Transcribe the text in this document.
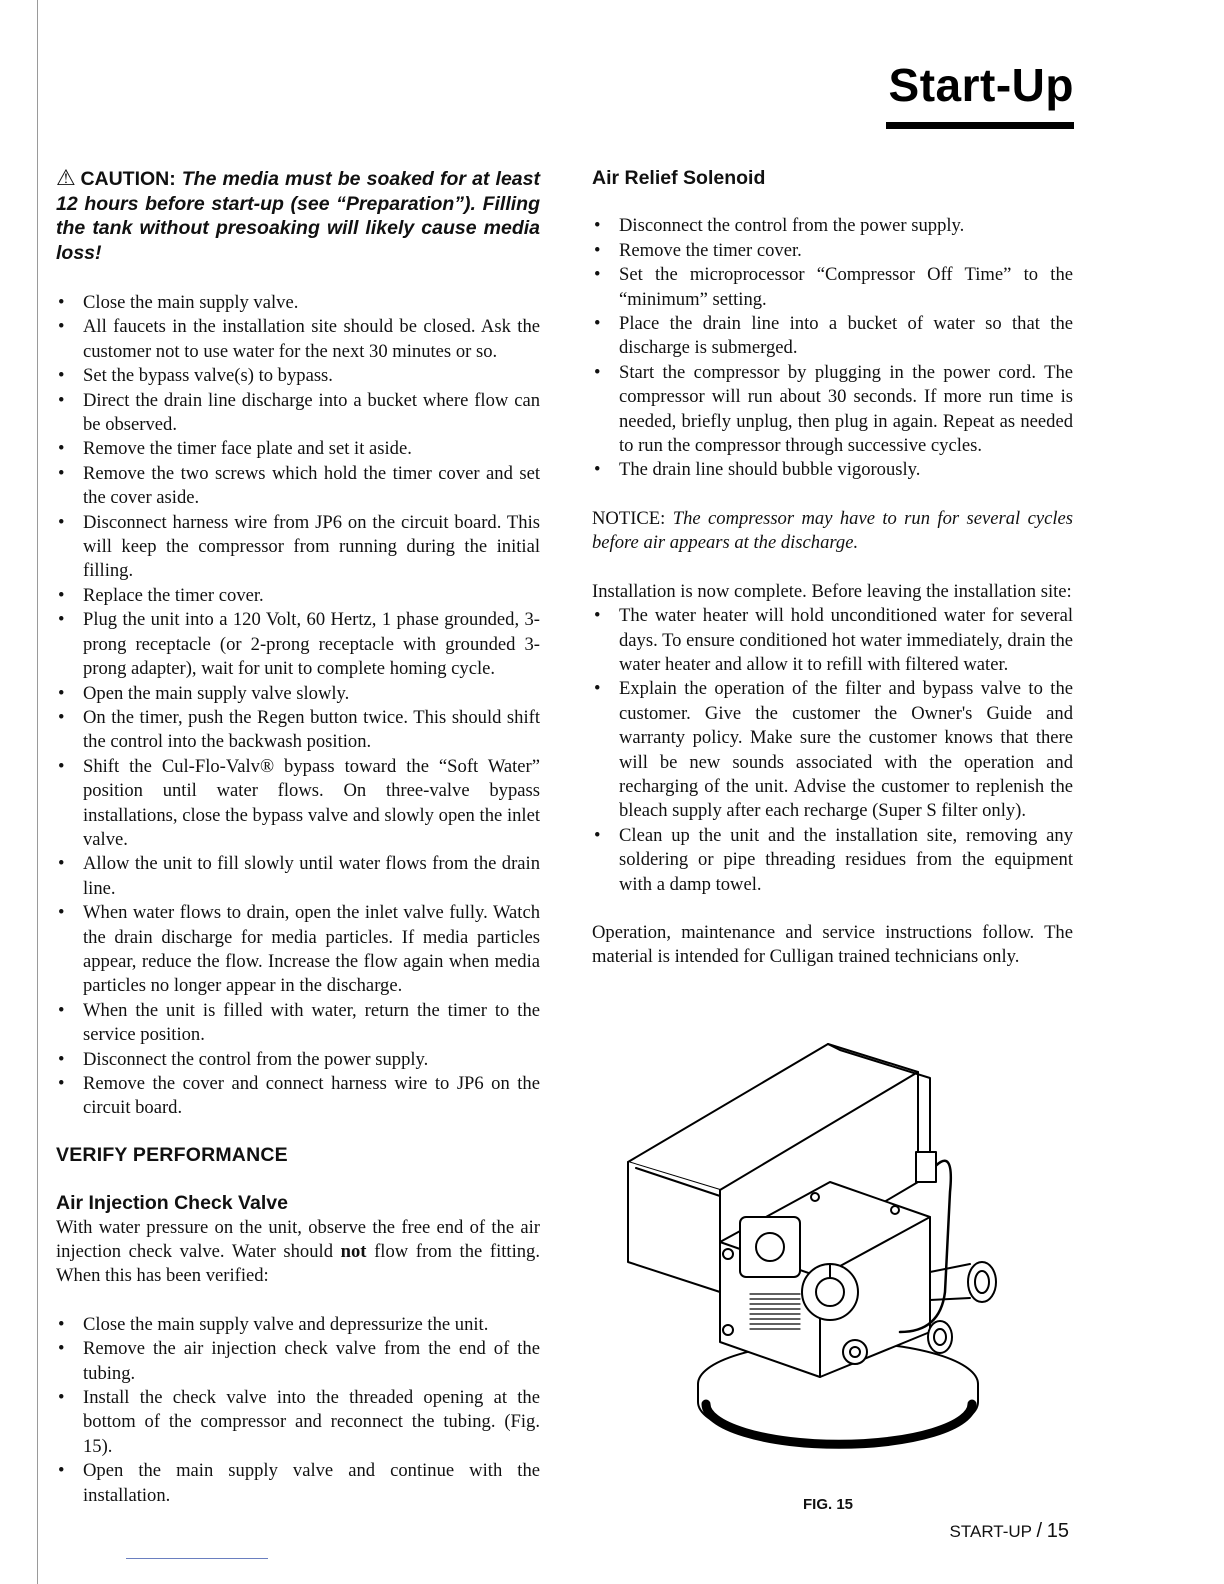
Start-Up

⚠ CAUTION: The media must be soaked for at least 12 hours before start-up (see “Preparation”). Filling the tank without presoaking will likely cause media loss!

• Close the main supply valve.
• All faucets in the installation site should be closed. Ask the customer not to use water for the next 30 minutes or so.
• Set the bypass valve(s) to bypass.
• Direct the drain line discharge into a bucket where flow can be observed.
• Remove the timer face plate and set it aside.
• Remove the two screws which hold the timer cover and set the cover aside.
• Disconnect harness wire from JP6 on the circuit board. This will keep the compressor from running during the initial filling.
• Replace the timer cover.
• Plug the unit into a 120 Volt, 60 Hertz, 1 phase grounded, 3-prong receptacle (or 2-prong receptacle with grounded 3-prong adapter), wait for unit to complete homing cycle.
• Open the main supply valve slowly.
• On the timer, push the Regen button twice. This should shift the control into the backwash position.
• Shift the Cul-Flo-Valv® bypass toward the “Soft Water” position until water flows. On three-valve bypass installations, close the bypass valve and slowly open the inlet valve.
• Allow the unit to fill slowly until water flows from the drain line.
• When water flows to drain, open the inlet valve fully. Watch the drain discharge for media particles. If media particles appear, reduce the flow. Increase the flow again when media particles no longer appear in the discharge.
• When the unit is filled with water, return the timer to the service position.
• Disconnect the control from the power supply.
• Remove the cover and connect harness wire to JP6 on the circuit board.
VERIFY PERFORMANCE
Air Injection Check Valve

With water pressure on the unit, observe the free end of the air injection check valve. Water should not flow from the fitting. When this has been verified:

• Close the main supply valve and depressurize the unit.
• Remove the air injection check valve from the end of the tubing.
• Install the check valve into the threaded opening at the bottom of the compressor and reconnect the tubing. (Fig. 15).
• Open the main supply valve and continue with the installation.
Air Relief Solenoid
• Disconnect the control from the power supply.
• Remove the timer cover.
• Set the microprocessor “Compressor Off Time” to the “minimum” setting.
• Place the drain line into a bucket of water so that the discharge is submerged.
• Start the compressor by plugging in the power cord. The compressor will run about 30 seconds. If more run time is needed, briefly unplug, then plug in again. Repeat as needed to run the compressor through successive cycles.
• The drain line should bubble vigorously.

NOTICE: The compressor may have to run for several cycles before air appears at the discharge.

Installation is now complete. Before leaving the installation site:

• The water heater will hold unconditioned water for several days. To ensure conditioned hot water immediately, drain the water heater and allow it to refill with filtered water.
• Explain the operation of the filter and bypass valve to the customer. Give the customer the Owner's Guide and warranty policy. Make sure the customer knows that there will be new sounds associated with the operation and recharging of the unit. Advise the customer to replenish the bleach supply after each recharge (Super S filter only).
• Clean up the unit and the installation site, removing any soldering or pipe threading residues from the equipment with a damp towel.

Operation, maintenance and service instructions follow. The material is intended for Culligan trained technicians only.

FIG. 15

START-UP / 15
